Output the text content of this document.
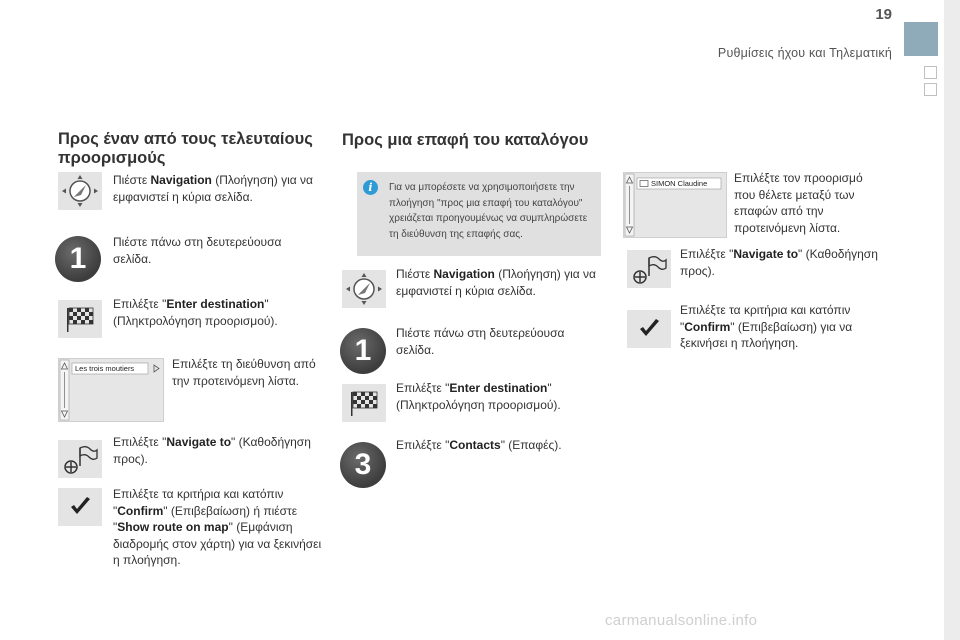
19
Ρυθμίσεις ήχου και Τηλεματική
Προς έναν από τους τελευταίους
προορισμούς
Πιέστε Navigation (Πλοήγηση) για να εμφανιστεί η κύρια σελίδα.
1	Πιέστε πάνω στη δευτερεύουσα σελίδα.
Επιλέξτε "Enter destination" (Πληκτρολόγηση προορισμού).
Les trois moutiers	Επιλέξτε τη διεύθυνση από την προτεινόμενη λίστα.
Επιλέξτε "Navigate to" (Καθοδήγηση προς).
Επιλέξτε τα κριτήρια και κατόπιν "Confirm" (Επιβεβαίωση) ή πιέστε "Show route on map" (Εμφάνιση διαδρομής στον χάρτη) για να ξεκινήσει η πλοήγηση.
Προς μια επαφή του καταλόγου
Για να μπορέσετε να χρησιμοποιήσετε την πλοήγηση "προς μια επαφή του καταλόγου" χρειάζεται προηγουμένως να συμπληρώσετε τη διεύθυνση της επαφής σας.
i
Πιέστε Navigation (Πλοήγηση) για να εμφανιστεί η κύρια σελίδα.
1
Πιέστε πάνω στη δευτερεύουσα σελίδα.
Επιλέξτε "Enter destination" (Πληκτρολόγηση προορισμού).
3
Επιλέξτε "Contacts" (Επαφές).
SIMON Claudine Επιλέξτε τον προορισμό που θέλετε μεταξύ των επαφών από την προτεινόμενη λίστα.
Επιλέξτε "Navigate to" (Καθοδήγηση προς).
Επιλέξτε τα κριτήρια και κατόπιν "Confirm" (Επιβεβαίωση) για να ξεκινήσει η πλοήγηση.
carmanualsonline.info
